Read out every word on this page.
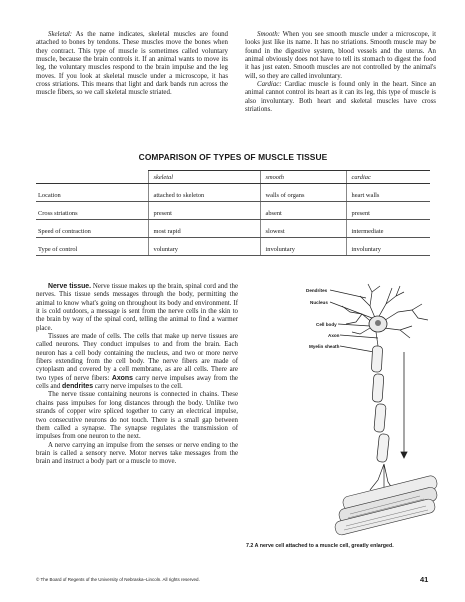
Skeletal: As the name indicates, skeletal muscles are found attached to bones by tendons. These muscles move the bones when they contract. This type of muscle is sometimes called voluntary muscle, because the brain controls it. If an animal wants to move its leg, the voluntary muscles respond to the brain impulse and the leg moves. If you look at skeletal muscle under a microscope, it has cross striations. This means that light and dark bands run across the muscle fibers, so we call skeletal muscle striated.

Smooth: When you see smooth muscle under a microscope, it looks just like its name. It has no striations. Smooth muscle may be found in the digestive system, blood vessels and the uterus. An animal obviously does not have to tell its stomach to digest the food it has just eaten. Smooth muscles are not controlled by the animal's will, so they are called involuntary.

Cardiac: Cardiac muscle is found only in the heart. Since an animal cannot control its heart as it can its leg, this type of muscle is also involuntary. Both heart and skeletal muscles have cross striations.

COMPARISON OF TYPES OF MUSCLE TISSUE
	skeletal	smooth	cardiac
Location	attached to skeleton	walls of organs	heart walls
Cross striations	present	absent	present
Speed of contraction	most rapid	slowest	intermediate
Type of control	voluntary	involuntary	involuntary

Nerve tissue. Nerve tissue makes up the brain, spinal cord and the nerves. This tissue sends messages through the body, permitting the animal to know what's going on throughout its body and environment. If it is cold outdoors, a message is sent from the nerve cells in the skin to the brain by way of the spinal cord, telling the animal to find a warmer place.

Tissues are made of cells. The cells that make up nerve tissues are called neurons. They conduct impulses to and from the brain. Each neuron has a cell body containing the nucleus, and two or more nerve fibers extending from the cell body. The nerve fibers are made of cytoplasm and covered by a cell membrane, as are all cells. There are two types of nerve fibers: Axons carry nerve impulses away from the cells and dendrites carry nerve impulses to the cell.

The nerve tissue containing neurons is connected in chains. These chains pass impulses for long distances through the body. Unlike two strands of copper wire spliced together to carry an electrical impulse, two consecutive neurons do not touch. There is a small gap between them called a synapse. The synapse regulates the transmission of impulses from one neuron to the next.

A nerve carrying an impulse from the senses or nerve ending to the brain is called a sensory nerve. Motor nerves take messages from the brain and instruct a body part or a muscle to move.

Dendrites
Nucleus
Cell body
Axon
Myelin sheath
7.2 A nerve cell attached to a muscle cell, greatly enlarged.
© The Board of Regents of the University of Nebraska–Lincoln. All rights reserved.	41
